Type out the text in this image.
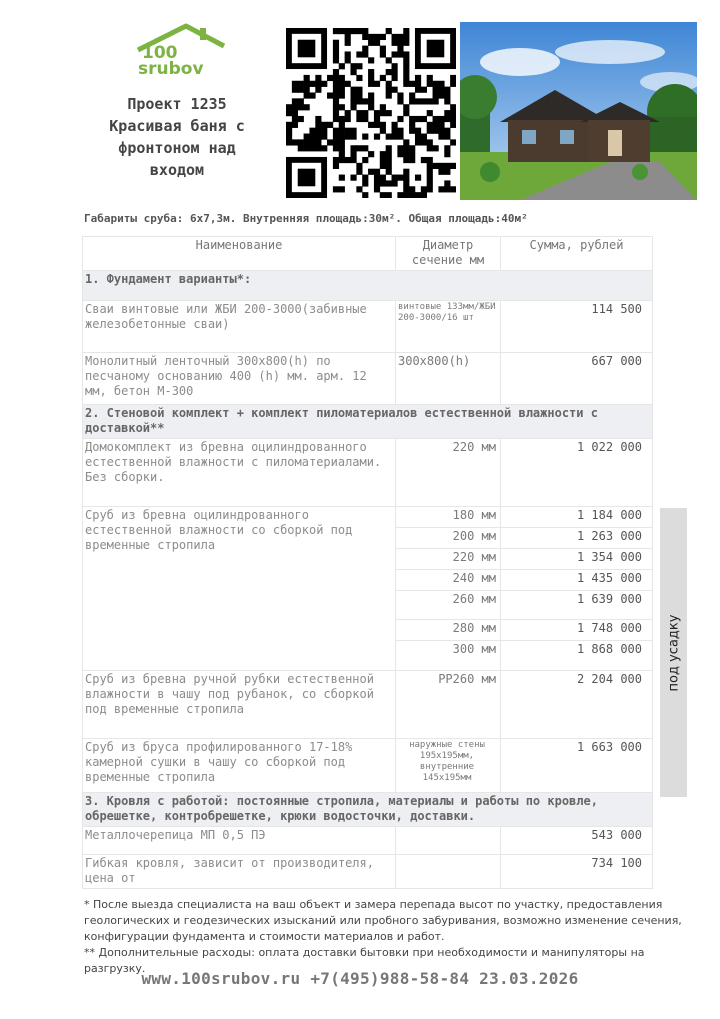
100
srubov
Проект 1235
Красивая баня с
фронтоном над
входом
Габариты сруба: 6х7,3м. Внутренняя площадь:30м². Общая площадь:40м²
Наименование	Диаметр сечение мм	Сумма, рублей
1. Фундамент варианты*:		
Сваи винтовые или ЖБИ 200-3000(забивные железобетонные сваи)	винтовые 133мм/ЖБИ 200-3000/16 шт	114 500
Монолитный ленточный 300х800(h) по песчаному основанию 400 (h) мм. арм. 12 мм, бетон М-300	300х800(h)	667 000
2. Стеновой комплект + комплект пиломатериалов естественной влажности с доставкой**		
Домокомплект из бревна оцилиндрованного естественной влажности с пиломатериалами. Без сборки.	220 мм	1 022 000
Сруб из бревна оцилиндрованного естественной влажности со сборкой под временные стропила	180 мм	1 184 000
	200 мм	1 263 000
	220 мм	1 354 000
	240 мм	1 435 000
	260 мм	1 639 000
	280 мм	1 748 000
	300 мм	1 868 000
Сруб из бревна ручной рубки естественной влажности в чашу под рубанок, со сборкой под временные стропила	РР260 мм	2 204 000
Сруб из бруса профилированного 17-18% камерной сушки в чашу со сборкой под временные стропила	наружные стены 195х195мм, внутренние 145х195мм	1 663 000
3. Кровля с работой: постоянные стропила, материалы и работы по кровле, обрешетке, контробрешетке, крюки водосточки, доставки.		
Металлочерепица МП 0,5 ПЭ		543 000
Гибкая кровля, зависит от производителя, цена от		734 100
под усадку
* После выезда специалиста на ваш объект и замера перепада высот по участку, предоставления геологических и геодезических изысканий или пробного забуривания, возможно изменение сечения, конфигурации фундамента и стоимости материалов и работ.
** Дополнительные расходы: оплата доставки бытовки при необходимости и манипуляторы на разгрузку.
www.100srubov.ru +7(495)988-58-84 23.03.2026
